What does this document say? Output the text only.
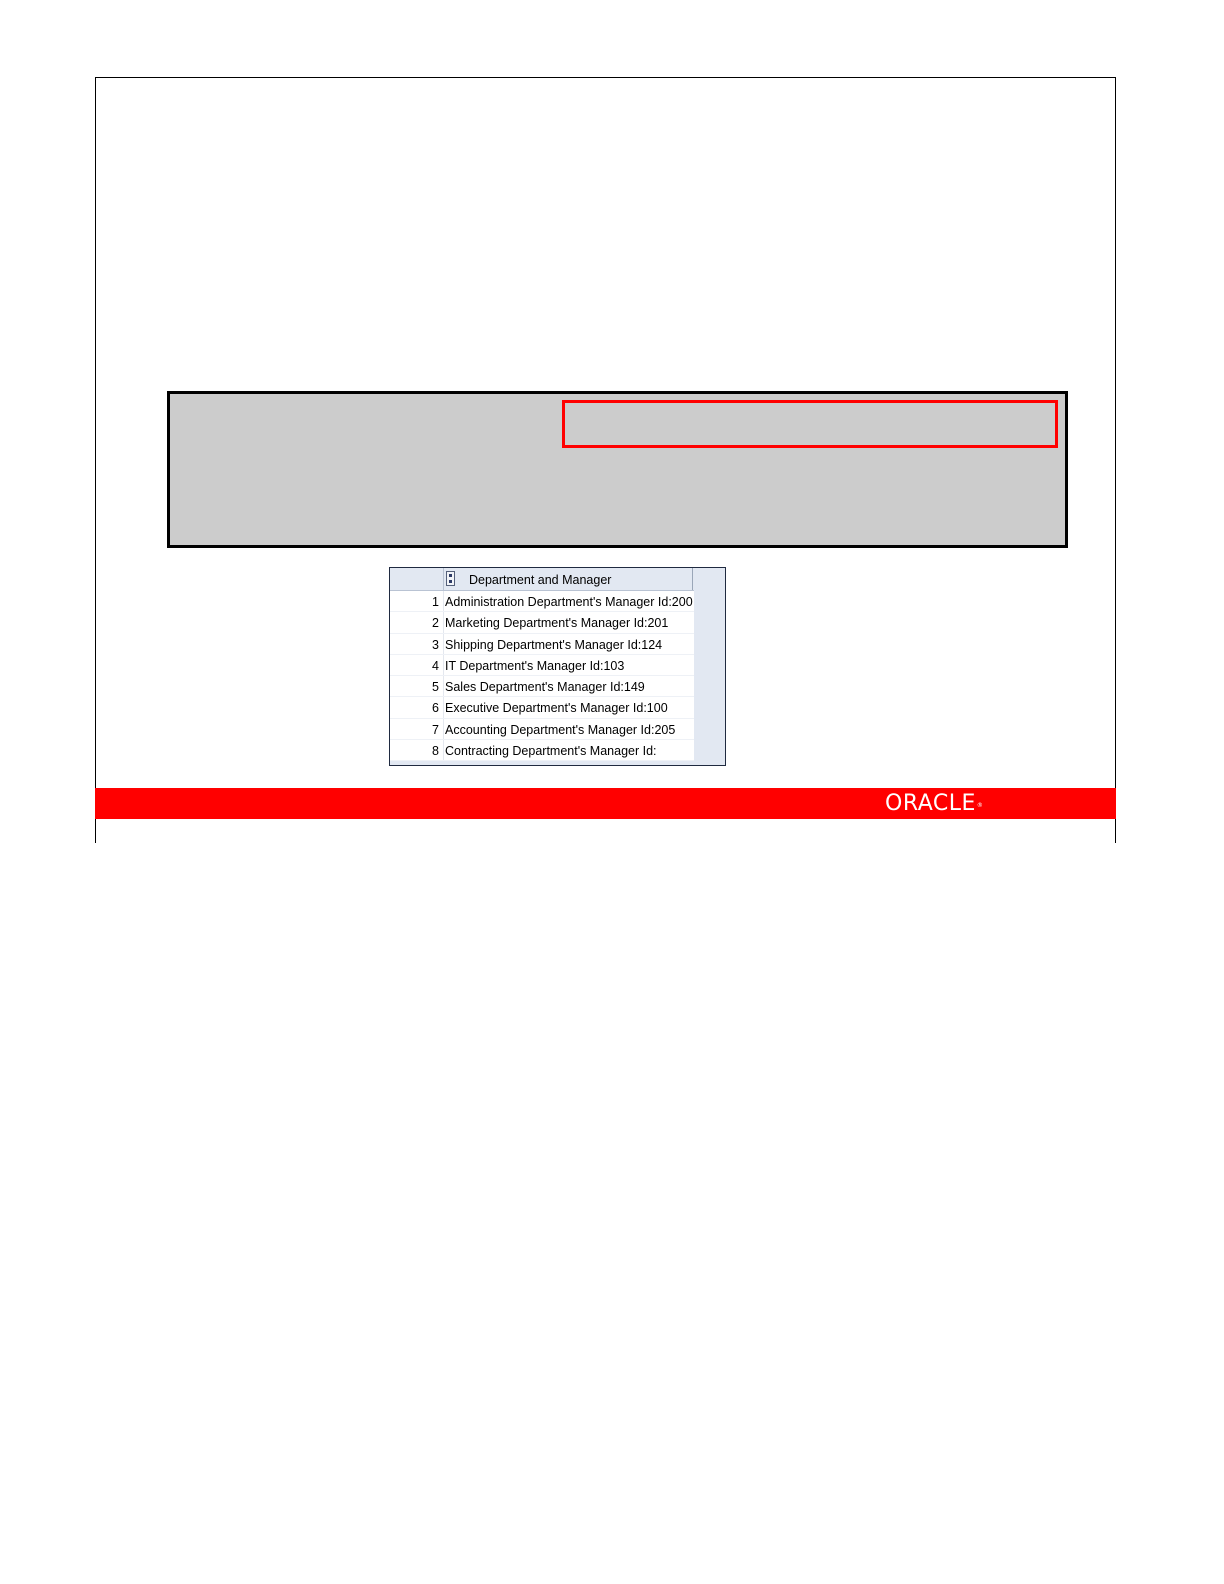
Department and Manager
1 Administration Department's Manager Id:200
2 Marketing Department's Manager Id:201
3 Shipping Department's Manager Id:124
4 IT Department's Manager Id:103
5 Sales Department's Manager Id:149
6 Executive Department's Manager Id:100
7 Accounting Department's Manager Id:205
8 Contracting Department's Manager Id:
ORACLE®
